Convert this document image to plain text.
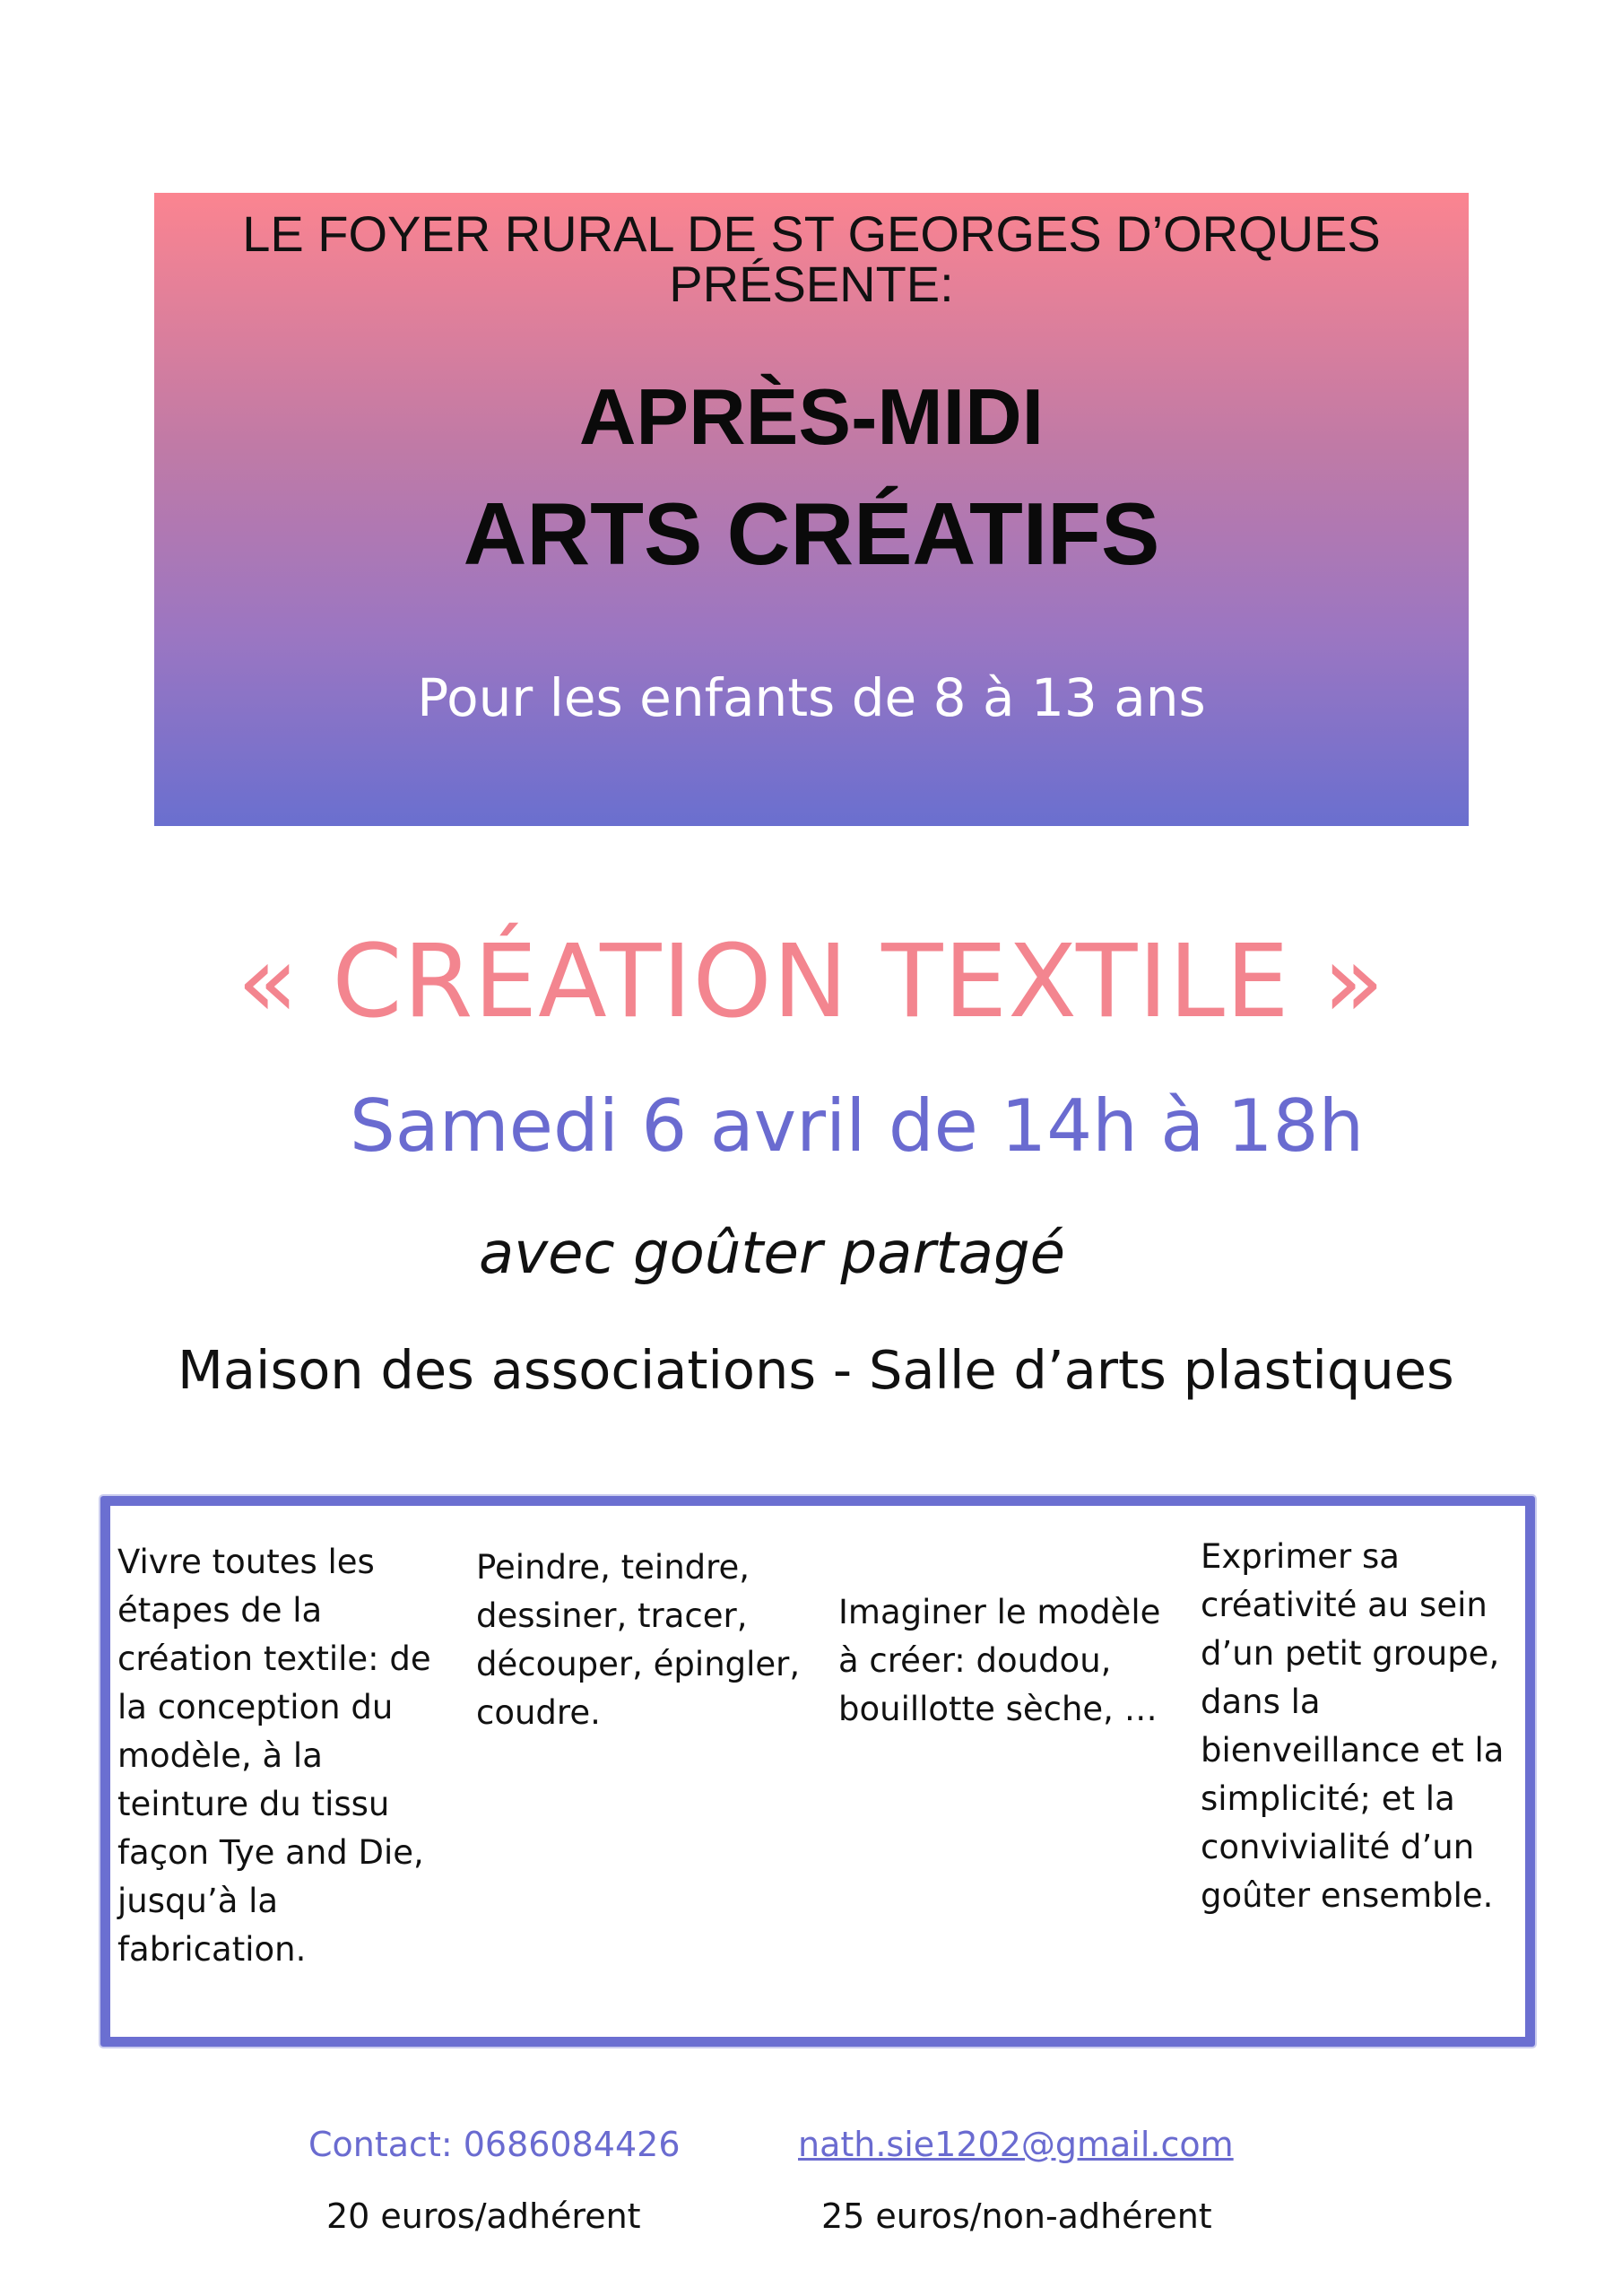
LE FOYER RURAL DE ST GEORGES D’ORQUES
PRÉSENTE:

APRÈS-MIDI

ARTS CRÉATIFS

Pour les enfants de 8 à 13 ans

« CRÉATION TEXTILE »

Samedi 6 avril de 14h à 18h

avec goûter partagé

Maison des associations - Salle d’arts plastiques

Vivre toutes les étapes de la création textile: de la conception du modèle, à la teinture du tissu façon Tye and Die, jusqu’à la fabrication.

Peindre, teindre, dessiner, tracer, découper, épingler, coudre.

Imaginer le modèle à créer: doudou, bouillotte sèche, …

Exprimer sa créativité au sein d’un petit groupe, dans la bienveillance et la simplicité; et la convivialité d’un goûter ensemble.

Contact: 0686084426	nath.sie1202@gmail.com

20 euros/adhérent	25 euros/non-adhérent
